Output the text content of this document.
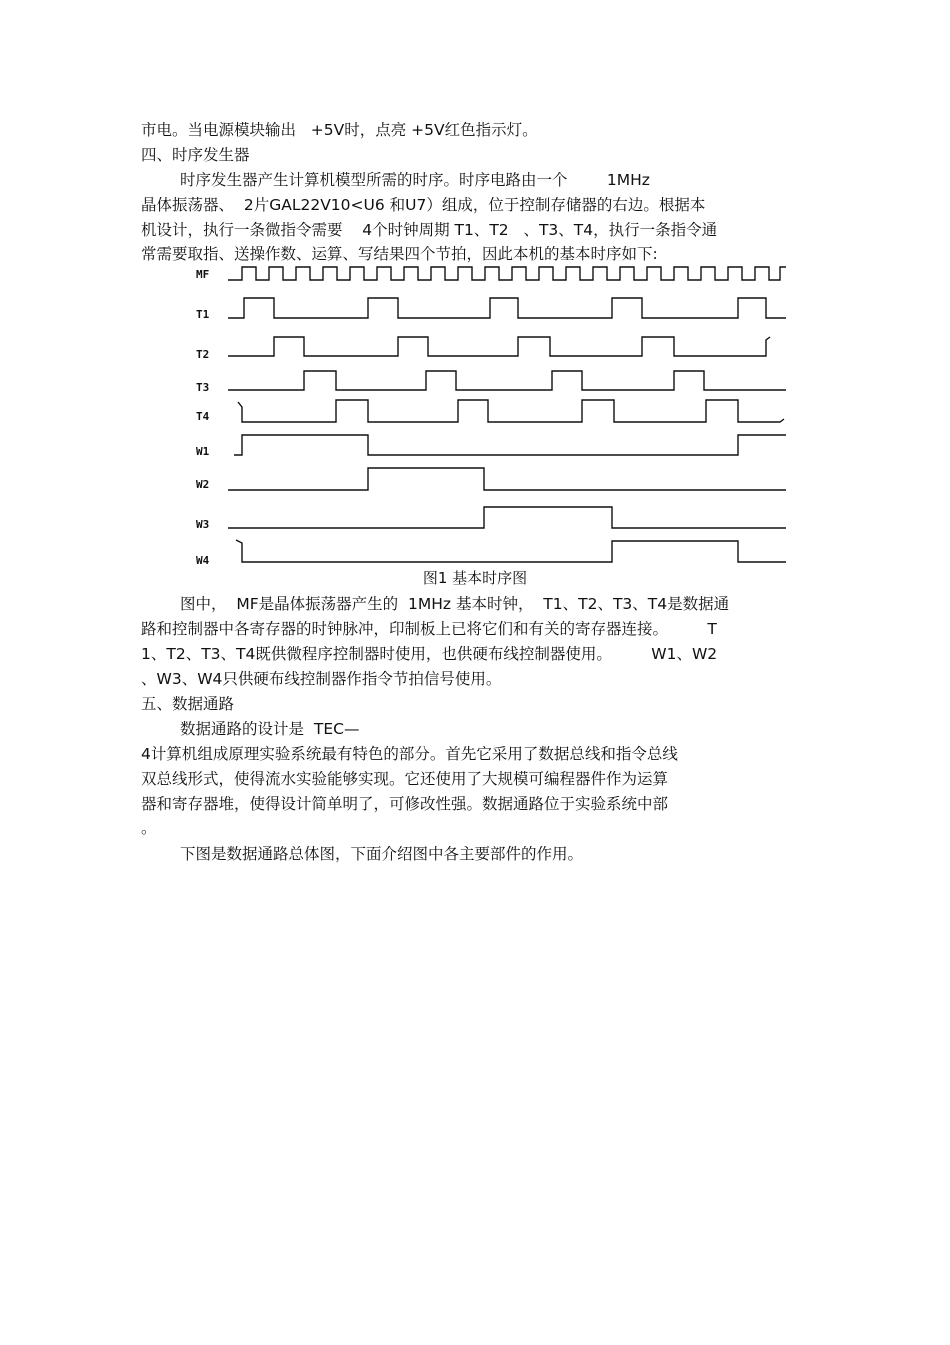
市电。当电源模块输出   +5V时，点亮 +5V红色指示灯。
四、时序发生器
时序发生器产生计算机模型所需的时序。时序电路由一个        1MHz
晶体振荡器、  2片GAL22V10<U6 和U7）组成，位于控制存储器的右边。根据本
机设计，执行一条微指令需要    4个时钟周期 T1、T2   、T3、T4，执行一条指令通
常需要取指、送操作数、运算、写结果四个节拍，因此本机的基本时序如下:
MF
T1
T2
T3
T4
W1
W2
W3
W4
图1 基本时序图
图中，  MF是晶体振荡器产生的  1MHz 基本时钟，  T1、T2、T3、T4是数据通
路和控制器中各寄存器的时钟脉冲，印制板上已将它们和有关的寄存器连接。        T
1、T2、T3、T4既供微程序控制器时使用，也供硬布线控制器使用。        W1、W2
、W3、W4只供硬布线控制器作指令节拍信号使用。
五、数据通路
数据通路的设计是  TEC—
4计算机组成原理实验系统最有特色的部分。首先它采用了数据总线和指令总线
双总线形式，使得流水实验能够实现。它还使用了大规模可编程器件作为运算
器和寄存器堆，使得设计简单明了，可修改性强。数据通路位于实验系统中部
。
下图是数据通路总体图，下面介绍图中各主要部件的作用。
